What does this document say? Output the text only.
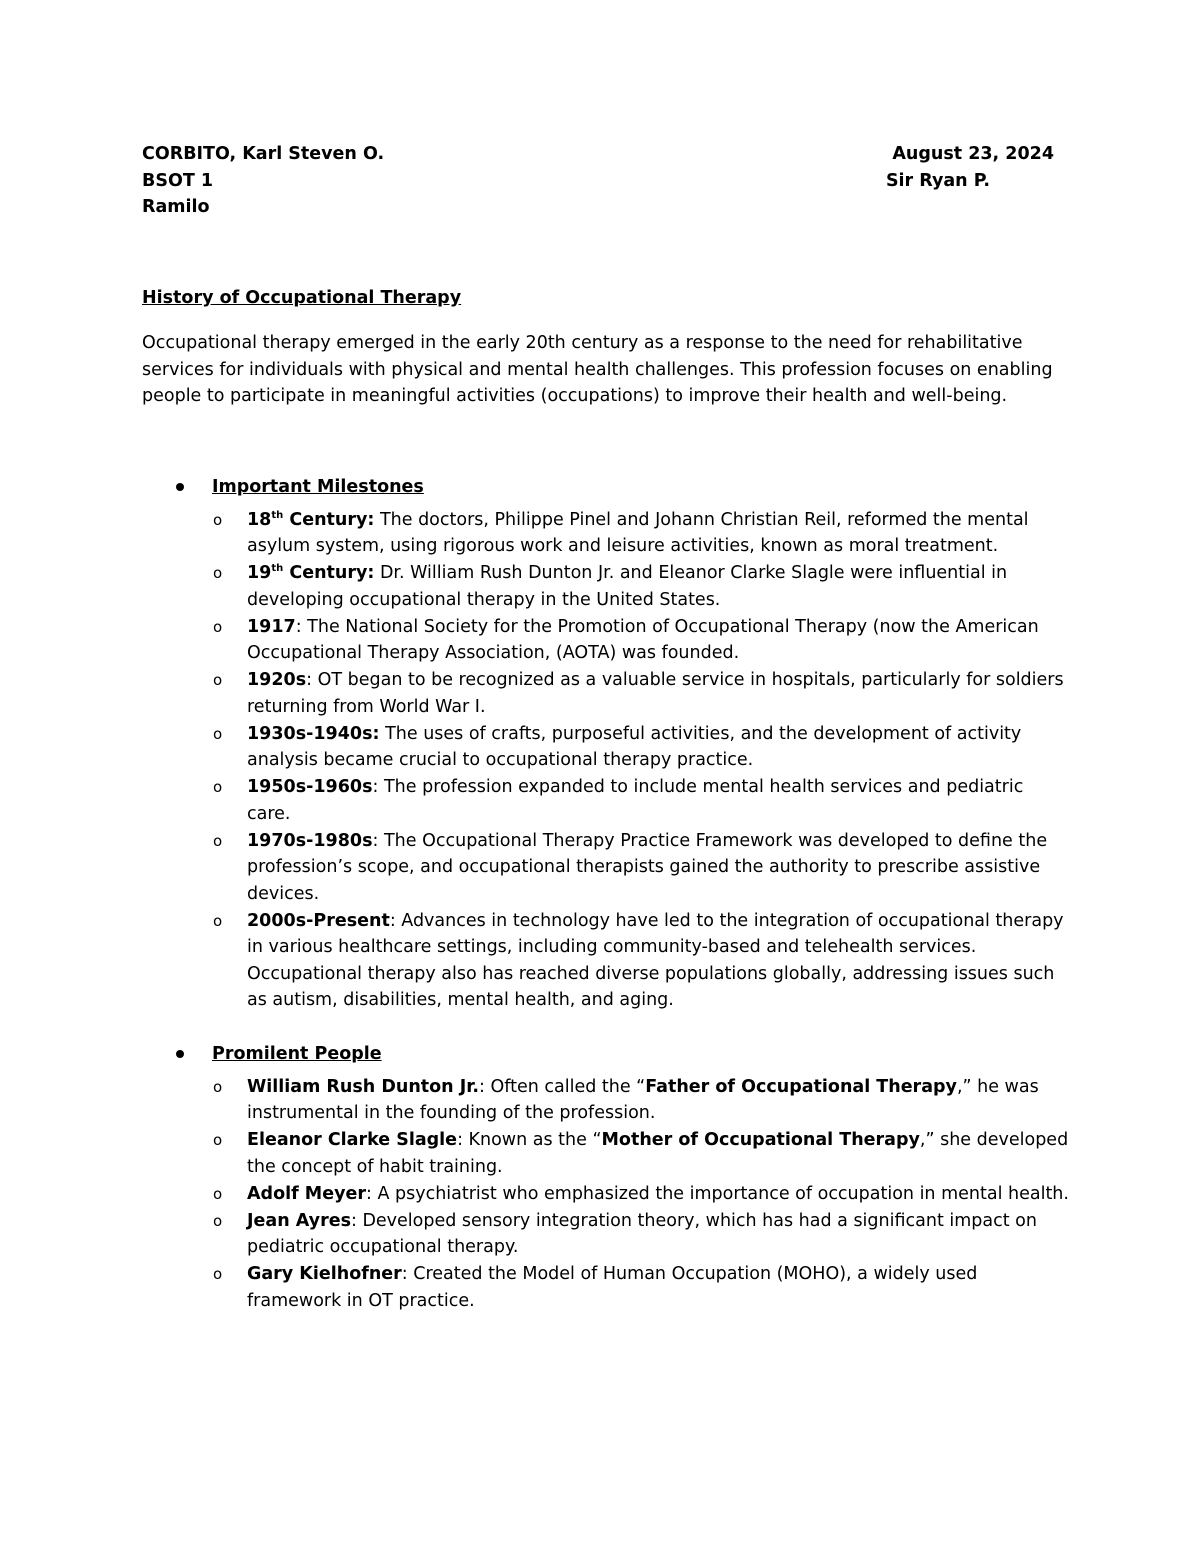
CORBITO, Karl Steven O.	August 23, 2024
BSOT 1	Sir Ryan P.
Ramilo
History of Occupational Therapy
Occupational therapy emerged in the early 20th century as a response to the need for rehabilitative services for individuals with physical and mental health challenges. This profession focuses on enabling people to participate in meaningful activities (occupations) to improve their health and well-being.
Important Milestones
o 18th Century: The doctors, Philippe Pinel and Johann Christian Reil, reformed the mental asylum system, using rigorous work and leisure activities, known as moral treatment.
o 19th Century: Dr. William Rush Dunton Jr. and Eleanor Clarke Slagle were influential in developing occupational therapy in the United States.
o 1917: The National Society for the Promotion of Occupational Therapy (now the American Occupational Therapy Association, (AOTA) was founded.
o 1920s: OT began to be recognized as a valuable service in hospitals, particularly for soldiers returning from World War I.
o 1930s-1940s: The uses of crafts, purposeful activities, and the development of activity analysis became crucial to occupational therapy practice.
o 1950s-1960s: The profession expanded to include mental health services and pediatric care.
o 1970s-1980s: The Occupational Therapy Practice Framework was developed to define the profession’s scope, and occupational therapists gained the authority to prescribe assistive devices.
o 2000s-Present: Advances in technology have led to the integration of occupational therapy in various healthcare settings, including community-based and telehealth services. Occupational therapy also has reached diverse populations globally, addressing issues such as autism, disabilities, mental health, and aging.
Promilent People
o William Rush Dunton Jr.: Often called the “Father of Occupational Therapy,” he was instrumental in the founding of the profession.
o Eleanor Clarke Slagle: Known as the “Mother of Occupational Therapy,” she developed the concept of habit training.
o Adolf Meyer: A psychiatrist who emphasized the importance of occupation in mental health.
o Jean Ayres: Developed sensory integration theory, which has had a significant impact on pediatric occupational therapy.
o Gary Kielhofner: Created the Model of Human Occupation (MOHO), a widely used framework in OT practice.
